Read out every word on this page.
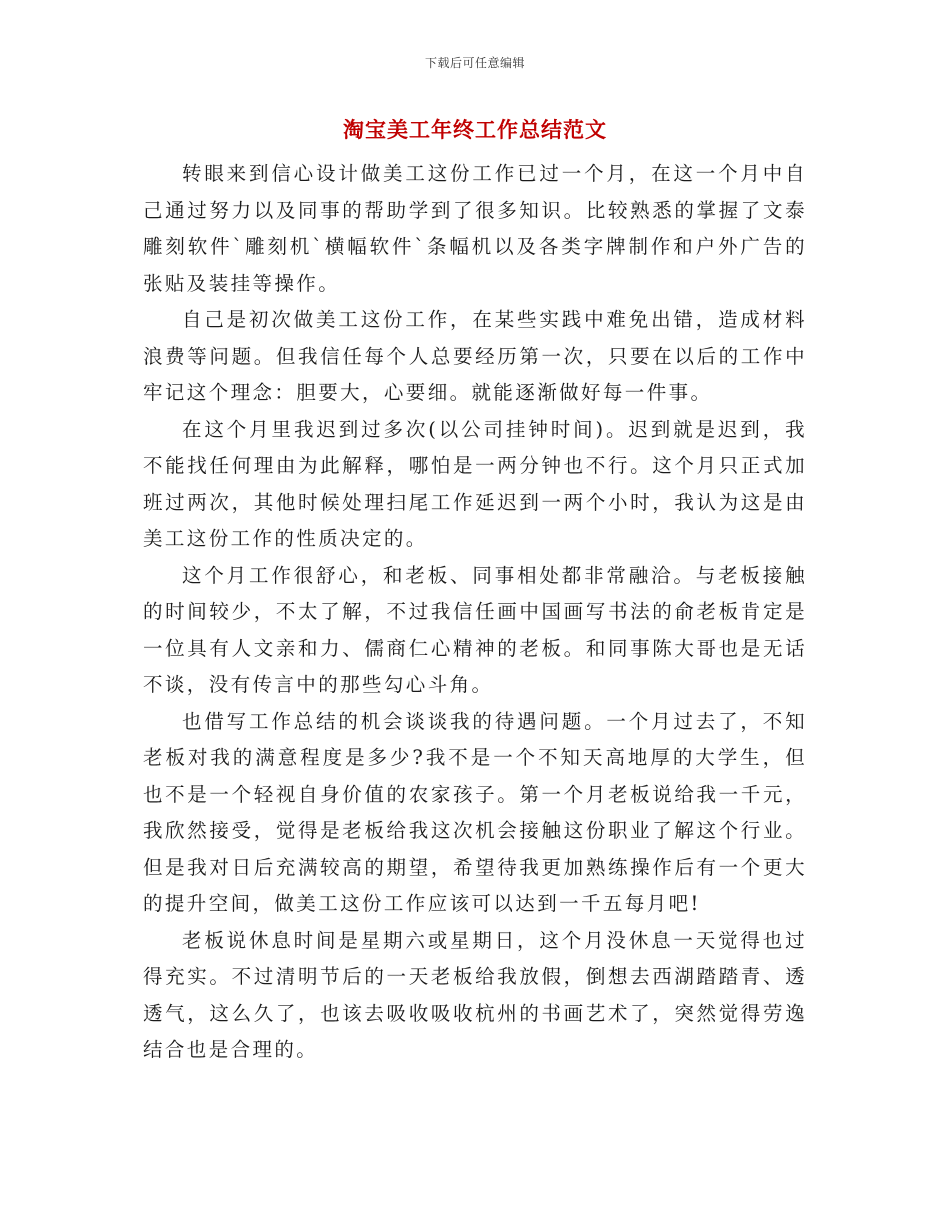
下载后可任意编辑
淘宝美工年终工作总结范文

转眼来到信心设计做美工这份工作已过一个月，在这一个月中自己通过努力以及同事的帮助学到了很多知识。比较熟悉的掌握了文泰雕刻软件`雕刻机`横幅软件`条幅机以及各类字牌制作和户外广告的张贴及装挂等操作。

自己是初次做美工这份工作，在某些实践中难免出错，造成材料浪费等问题。但我信任每个人总要经历第一次，只要在以后的工作中牢记这个理念：胆要大，心要细。就能逐渐做好每一件事。

在这个月里我迟到过多次(以公司挂钟时间)。迟到就是迟到，我不能找任何理由为此解释，哪怕是一两分钟也不行。这个月只正式加班过两次，其他时候处理扫尾工作延迟到一两个小时，我认为这是由美工这份工作的性质决定的。

这个月工作很舒心，和老板、同事相处都非常融洽。与老板接触的时间较少，不太了解，不过我信任画中国画写书法的俞老板肯定是一位具有人文亲和力、儒商仁心精神的老板。和同事陈大哥也是无话不谈，没有传言中的那些勾心斗角。

也借写工作总结的机会谈谈我的待遇问题。一个月过去了，不知老板对我的满意程度是多少?我不是一个不知天高地厚的大学生，但也不是一个轻视自身价值的农家孩子。第一个月老板说给我一千元，我欣然接受，觉得是老板给我这次机会接触这份职业了解这个行业。但是我对日后充满较高的期望，希望待我更加熟练操作后有一个更大的提升空间，做美工这份工作应该可以达到一千五每月吧!

老板说休息时间是星期六或星期日，这个月没休息一天觉得也过得充实。不过清明节后的一天老板给我放假，倒想去西湖踏踏青、透透气，这么久了，也该去吸收吸收杭州的书画艺术了，突然觉得劳逸结合也是合理的。
